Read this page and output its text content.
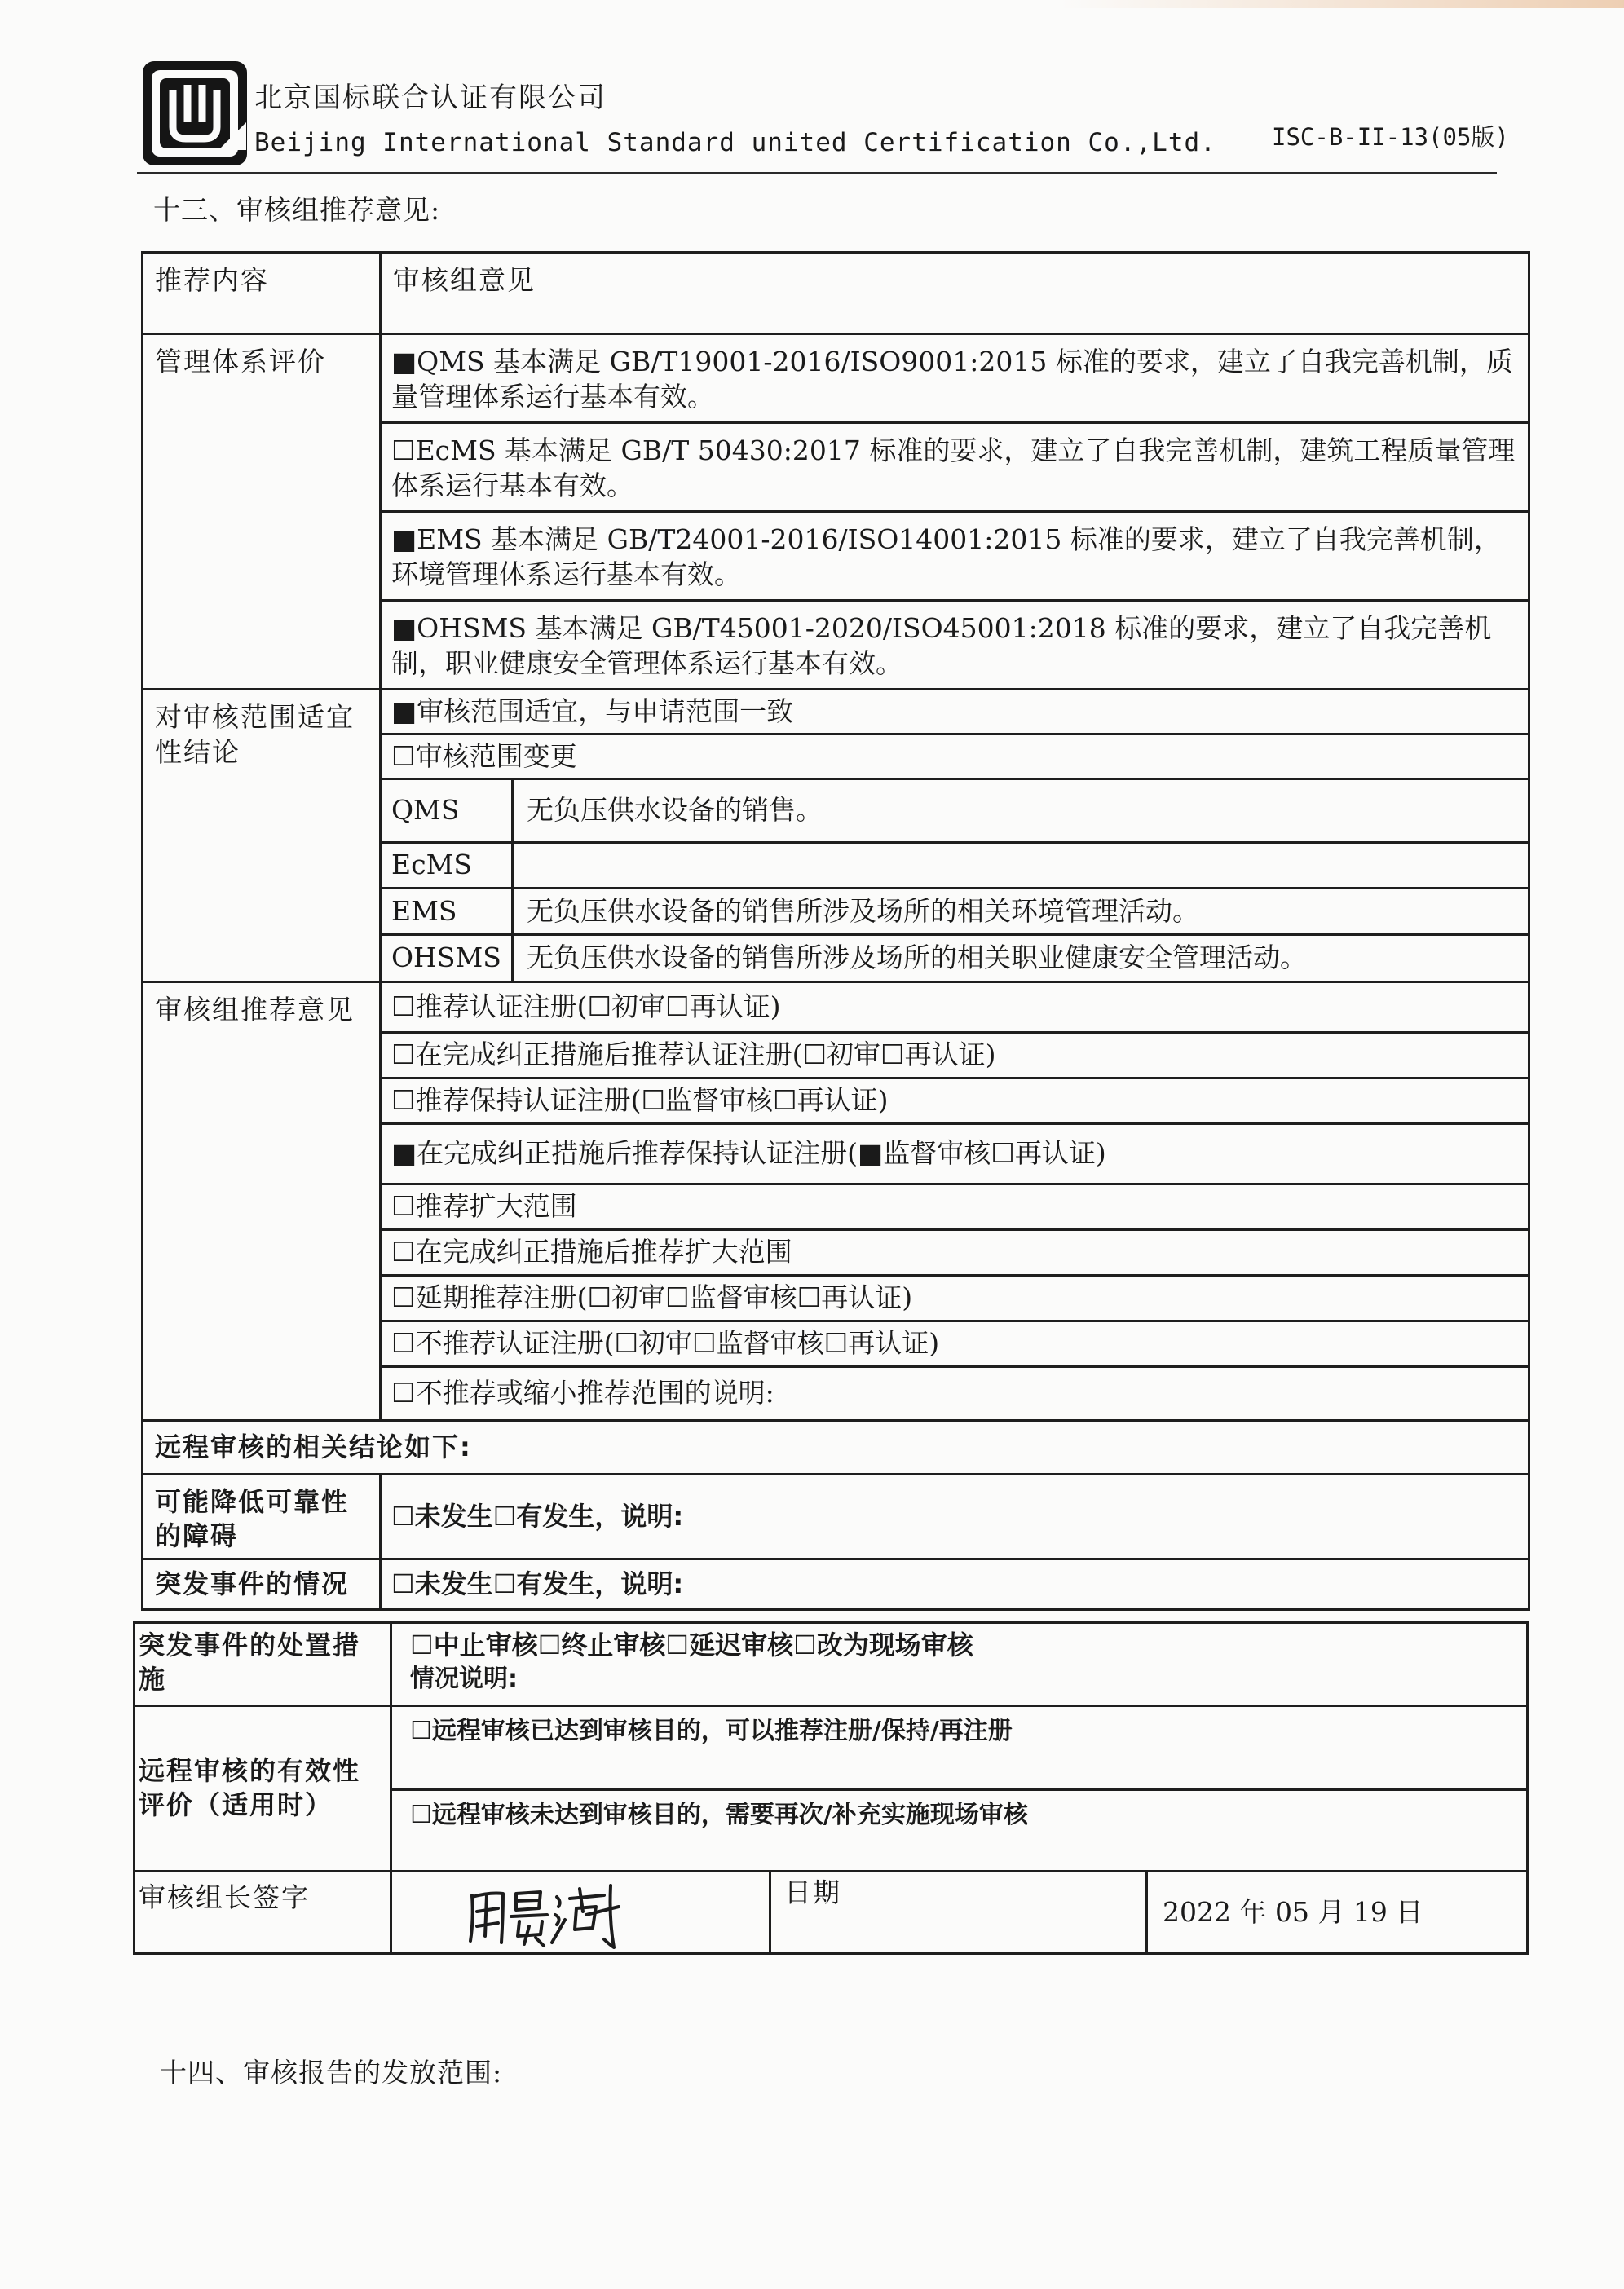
北京国标联合认证有限公司
Beijing International Standard united Certification Co.,Ltd. ISC-B-II-13(05版)
十三、审核组推荐意见:
推荐内容	审核组意见	
管理体系评价	■QMS 基本满足 GB/T19001-2016/ISO9001:2015 标准的要求，建立了自我完善机制，质量管理体系运行基本有效。	
	☐EcMS 基本满足 GB/T 50430:2017 标准的要求，建立了自我完善机制，建筑工程质量管理体系运行基本有效。	
	■EMS 基本满足 GB/T24001-2016/ISO14001:2015 标准的要求，建立了自我完善机制，环境管理体系运行基本有效。	
	■OHSMS 基本满足 GB/T45001-2020/ISO45001:2018 标准的要求，建立了自我完善机制，职业健康安全管理体系运行基本有效。	
对审核范围适宜性结论	■审核范围适宜，与申请范围一致	
	☐审核范围变更	
	QMS	无负压供水设备的销售。
	EcMS	
	EMS	无负压供水设备的销售所涉及场所的相关环境管理活动。
	OHSMS	无负压供水设备的销售所涉及场所的相关职业健康安全管理活动。
审核组推荐意见	☐推荐认证注册(☐初审☐再认证)	
	☐在完成纠正措施后推荐认证注册(☐初审☐再认证)	
	☐推荐保持认证注册(☐监督审核☐再认证)	
	■在完成纠正措施后推荐保持认证注册(■监督审核☐再认证)	
	☐推荐扩大范围	
	☐在完成纠正措施后推荐扩大范围	
	☐延期推荐注册(☐初审☐监督审核☐再认证)	
	☐不推荐认证注册(☐初审☐监督审核☐再认证)	
	☐不推荐或缩小推荐范围的说明:	
远程审核的相关结论如下:		
可能降低可靠性的障碍	☐未发生☐有发生，说明:	
突发事件的情况	☐未发生☐有发生，说明:	
突发事件的处置措施	☐中止审核☐终止审核☐延迟审核☐改为现场审核
情况说明:		

远程审核的有效性评价（适用时）	☐远程审核已达到审核目的，可以推荐注册/保持/再注册		
	☐远程审核未达到审核目的，需要再次/补充实施现场审核		
审核组长签字		日期	2022 年 05 月 19 日
十四、审核报告的发放范围:
